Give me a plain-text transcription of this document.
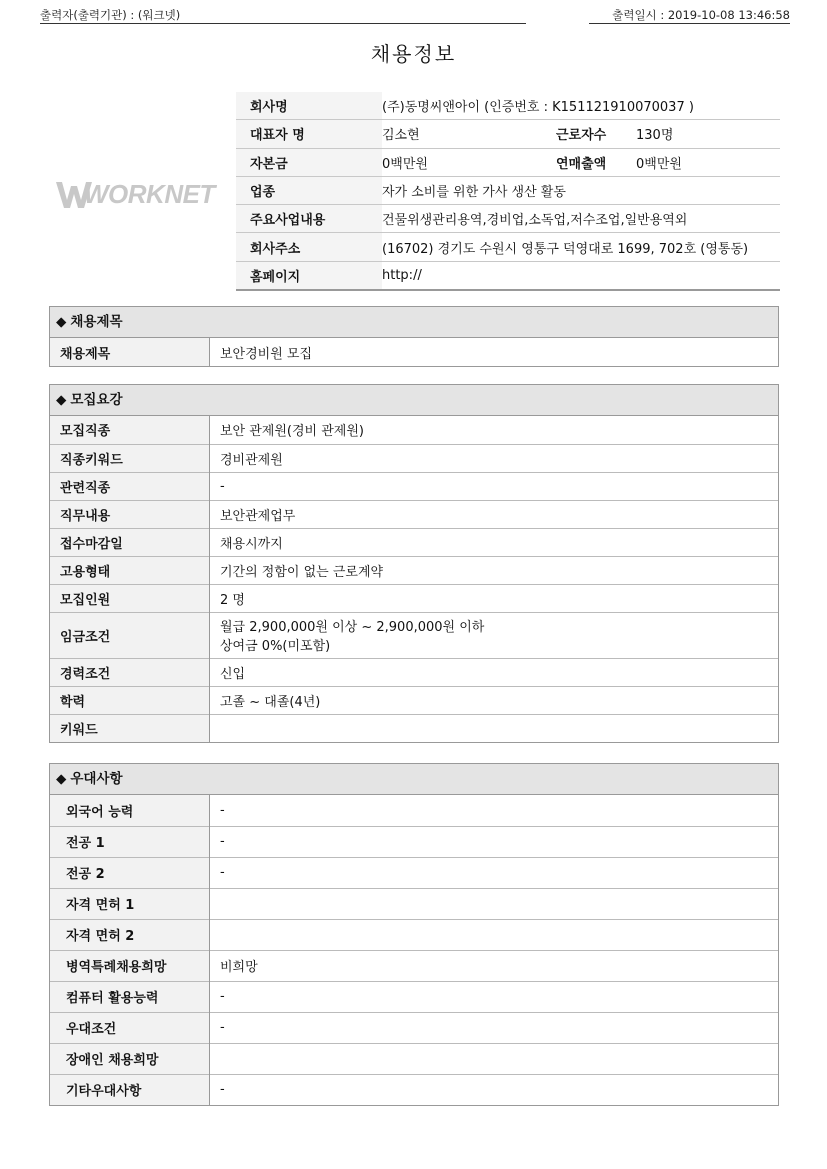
출력자(출력기관) : (워크넷)	출력일시 : 2019-10-08 13:46:58
채용정보
WORKNET
회사명	(주)동명씨앤아이 (인증번호 : K151121910070037 )		
대표자 명	김소현	근로자수	130명
자본금	0백만원	연매출액	0백만원
업종	자가 소비를 위한 가사 생산 활동		
주요사업내용	건물위생관리용역,경비업,소독업,저수조업,일반용역외		
회사주소	(16702) 경기도 수원시 영통구 덕영대로 1699, 702호 (영통동)		
홈페이지	http://		
◆ 채용제목
채용제목	보안경비원 모집
◆ 모집요강
모집직종	보안 관제원(경비 관제원)
직종키워드	경비관제원
관련직종	-
직무내용	보안관제업무
접수마감일	채용시까지
고용형태	기간의 정함이 없는 근로계약
모집인원	2 명
임금조건	월급 2,900,000원 이상 ~ 2,900,000원 이하
상여금 0%(미포함)

경력조건	신입
학력	고졸 ~ 대졸(4년)
키워드	
◆ 우대사항
외국어 능력	-
전공 1	-
전공 2	-
자격 면허 1	
자격 면허 2	
병역특례채용희망	비희망
컴퓨터 활용능력	-
우대조건	-
장애인 채용희망	
기타우대사항	-
